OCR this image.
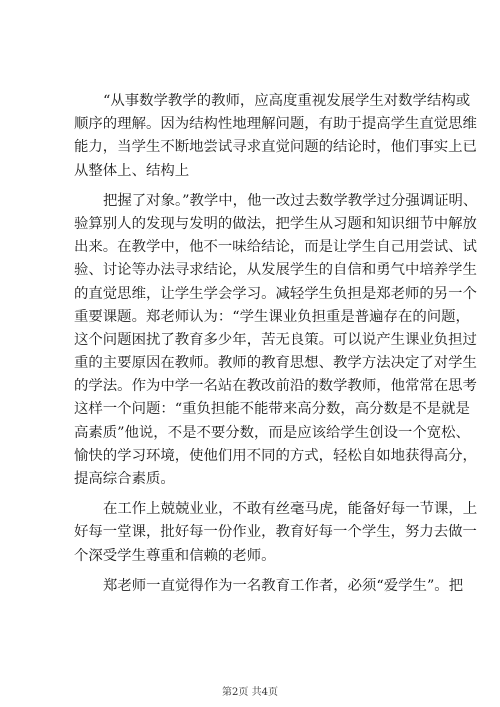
“从事数学教学的教师，应高度重视发展学生对数学结构或
顺序的理解。因为结构性地理解问题，有助于提高学生直觉思维
能力，当学生不断地尝试寻求直觉问题的结论时，他们事实上已
从整体上、结构上
把握了对象。”教学中，他一改过去数学教学过分强调证明、
验算别人的发现与发明的做法，把学生从习题和知识细节中解放
出来。在教学中，他不一味给结论，而是让学生自己用尝试、试
验、讨论等办法寻求结论，从发展学生的自信和勇气中培养学生
的直觉思维，让学生学会学习。减轻学生负担是郑老师的另一个
重要课题。郑老师认为：“学生课业负担重是普遍存在的问题，
这个问题困扰了教育多少年，苦无良策。可以说产生课业负担过
重的主要原因在教师。教师的教育思想、教学方法决定了对学生
的学法。作为中学一名站在教改前沿的数学教师，他常常在思考
这样一个问题：“重负担能不能带来高分数，高分数是不是就是
高素质”他说，不是不要分数，而是应该给学生创设一个宽松、
愉快的学习环境，使他们用不同的方式，轻松自如地获得高分，
提高综合素质。
在工作上兢兢业业，不敢有丝毫马虎，能备好每一节课，上
好每一堂课，批好每一份作业，教育好每一个学生，努力去做一
个深受学生尊重和信赖的老师。
郑老师一直觉得作为一名教育工作者，必须“爱学生”。把
第2页 共4页
